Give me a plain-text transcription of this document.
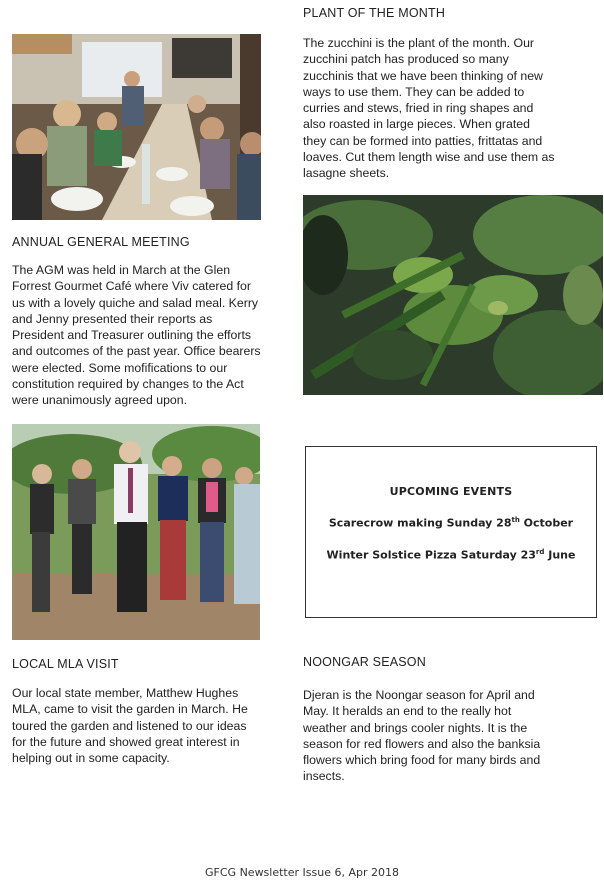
ANNUAL GENERAL MEETING
The AGM was held in March at the Glen Forrest Gourmet Café where Viv catered for us with a lovely quiche and salad meal. Kerry and Jenny presented their reports as President and Treasurer outlining the efforts and outcomes of the past year. Office bearers were elected. Some mofifications to our constitution required by changes to the Act were unanimously agreed upon.
LOCAL MLA VISIT
Our local state member, Matthew Hughes MLA, came to visit the garden in March. He toured the garden and listened to our ideas for the future and showed great interest in helping out in some capacity.
PLANT OF THE MONTH
The zucchini is the plant of the month. Our zucchini patch has produced so many zucchinis that we have been thinking of new ways to use them. They can be added to curries and stews, fried in ring shapes and also roasted in large pieces. When grated they can be formed into patties, frittatas and loaves. Cut them length wise and use them as lasagne sheets.
UPCOMING EVENTS
Scarecrow making Sunday 28th October
Winter Solstice Pizza Saturday 23rd June
NOONGAR SEASON
Djeran is the Noongar season for April and May. It heralds an end to the really hot weather and brings cooler nights. It is the season for red flowers and also the banksia flowers which bring food for many birds and insects.
GFCG Newsletter Issue 6, Apr 2018
